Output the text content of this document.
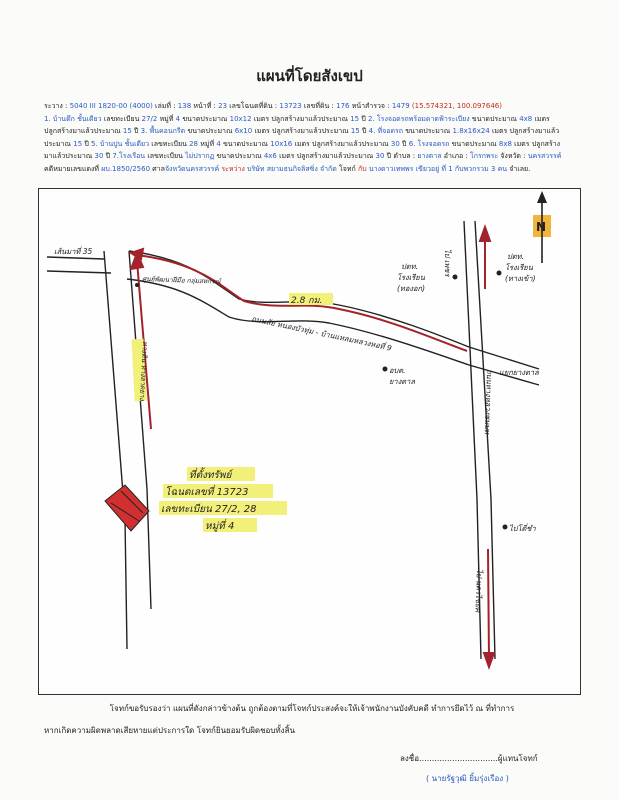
แผนที่โดยสังเขป
ระวาง : 5040 III 1820-00 (4000) เล่มที่ : 138 หน้าที่ : 23 เลขโฉนดที่ดิน : 13723 เลขที่ดิน : 176 หน้าสำรวจ : 1479 (15.574321, 100.097646)
1. บ้านตึก ชั้นเดียว เลขทะเบียน 27/2 หมู่ที่ 4 ขนาดประมาณ 10x12 เมตร ปลูกสร้างมาแล้วประมาณ 15 ปี 2. โรงจอดรถพร้อมดาดฟ้าระเบียง ขนาดประมาณ 4x8 เมตร
ปลูกสร้างมาแล้วประมาณ 15 ปี 3. พื้นคอนกรีต ขนาดประมาณ 6x10 เมตร ปลูกสร้างมาแล้วประมาณ 15 ปี 4. ที่จอดรถ ขนาดประมาณ 1.8x16x24 เมตร ปลูกสร้างมาแล้ว
ประมาณ 15 ปี 5. บ้านปูน ชั้นเดียว เลขทะเบียน 28 หมู่ที่ 4 ขนาดประมาณ 10x16 เมตร ปลูกสร้างมาแล้วประมาณ 30 ปี 6. โรงจอดรถ ขนาดประมาณ 8x8 เมตร ปลูกสร้าง
มาแล้วประมาณ 30 ปี 7.โรงเรือน เลขทะเบียน ไม่ปรากฏ ขนาดประมาณ 4x6 เมตร ปลูกสร้างมาแล้วประมาณ 30 ปี ตำบล : ยางตาล อำเภอ : โกรกพระ จังหวัด : นครสวรรค์
คดีหมายเลขแดงที่ ผบ.1850/2560 ศาลจังหวัดนครสวรรค์ ระหว่าง บริษัท สยามธนกิจลิสซิ่ง จำกัด โจทก์ กับ นางดาวเทพพร เขียวอยู่ ที่ 1 กับพวกรวม 3 คน จำเลย.
N
2.8 กม.
เส้นมาที่ 35
ถนนลัย หนองบัวทุ่ม - บ้านแหลมหลวงหอที่ 9
ไป เพชร
ถนนทางหลวงชนบท
ไป นครไชยศ
แยกยางตาล
ทางดิน ทางลาดยาง
ศูนย์พัฒนาฝีมือ กลุ่มสหกรณ์
ปตท.
โรงเรียน
(ทองอก)
ปตท.
โรงเรียน
(ทางเข้า)
อบต.
ยางตาล
ไปโตี่ชำ
ที่ตั้งทรัพย์
โฉนดเลขที่ 13723
เลขทะเบียน 27/2, 28
หมู่ที่ 4
โจทก์ขอรับรองว่า แผนที่ดังกล่าวข้างต้น ถูกต้องตามที่โจทก์ประสงค์จะให้เจ้าพนักงานบังคับคดี ทำการยึดไว้ ณ ที่ทำการ
หากเกิดความผิดพลาดเสียหายแต่ประการใด โจทก์ยินยอมรับผิดชอบทั้งสิ้น
ลงชื่อ...............................ผู้แทนโจทก์
( นายรัฐวุฒิ ยิ้มรุ่งเรือง )
